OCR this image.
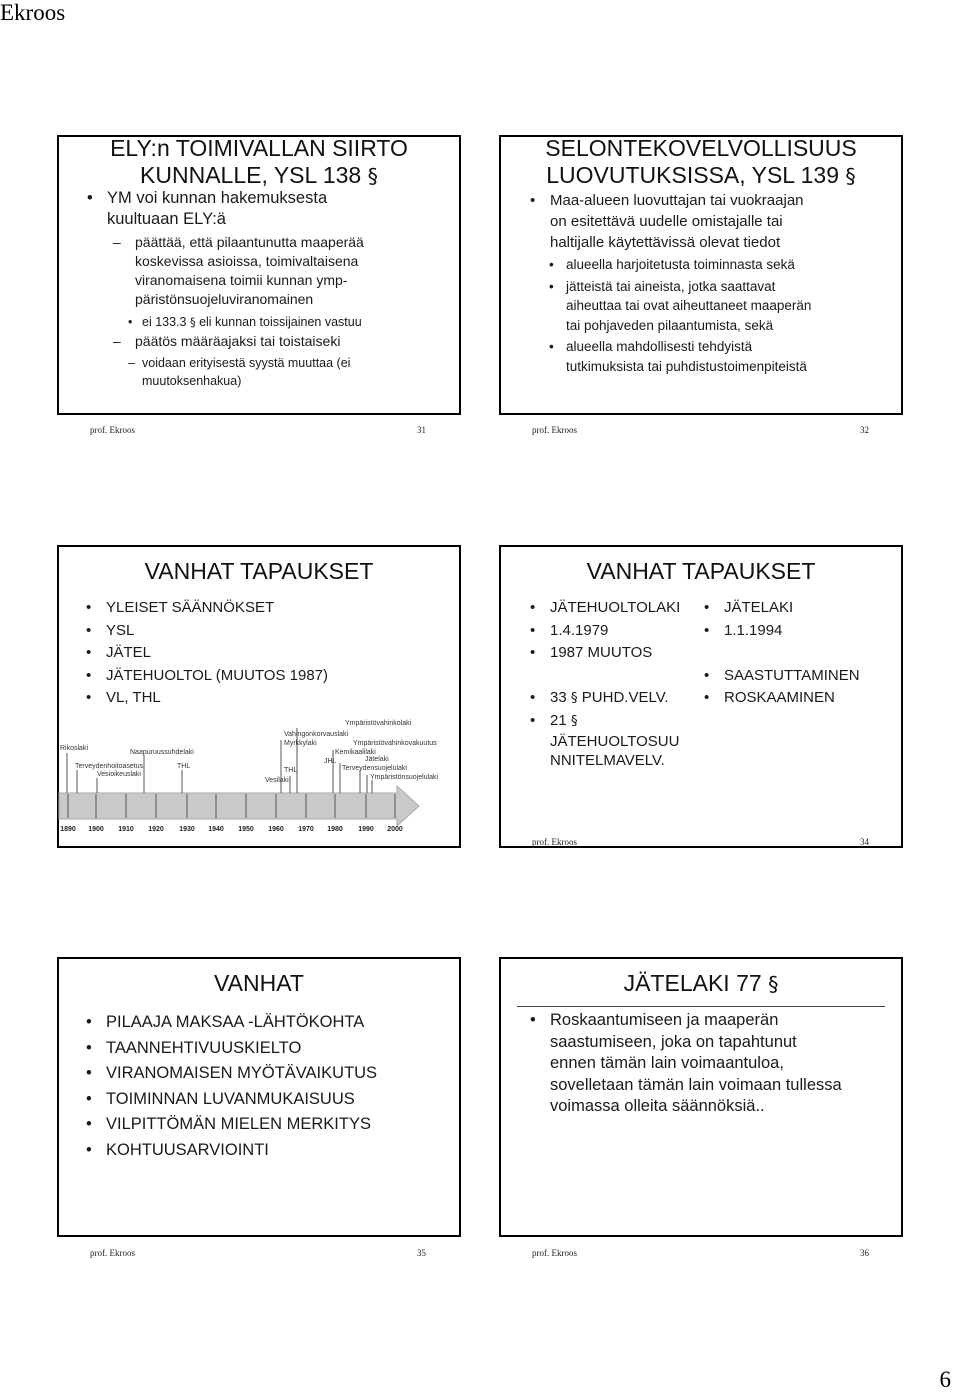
Ekroos
ELY:n TOIMIVALLAN SIIRTO
KUNNALLE, YSL 138 §
• YM voi kunnan hakemuksesta
kuultuaan ELY:ä
– päättää, että pilaantunutta maaperää
koskevissa asioissa, toimivaltaisena
viranomaisena toimii kunnan ymp-
päristönsuojeluviranomainen
• ei 133.3 § eli kunnan toissijainen vastuu
– päätös määräajaksi tai toistaiseki
– voidaan erityisestä syystä muuttaa (ei
muutoksenhakua)
prof. Ekroos	31
SELONTEKOVELVOLLISUUS
LUOVUTUKSISSA, YSL 139 §
• Maa-alueen luovuttajan tai vuokraajan
on esitettävä uudelle omistajalle tai
haltijalle käytettävissä olevat tiedot
• alueella harjoitetusta toiminnasta sekä
• jätteistä tai aineista, jotka saattavat
aiheuttaa tai ovat aiheuttaneet maaperän
tai pohjaveden pilaantumista, sekä
• alueella mahdollisesti tehdyistä
tutkimuksista tai puhdistustoimenpiteistä
prof. Ekroos	32
VANHAT TAPAUKSET
• YLEISET SÄÄNNÖKSET
• YSL
• JÄTEL
• JÄTEHUOLTOL (MUUTOS 1987)
• VL, THL
Rikoslaki
Terveydenhoitoasetus
Vesioikeuslaki
Naapuruussuhdelaki
THL
Vahingonkorvauslaki
Myrkkylaki
THL
Vesilaki
Ympäristövahinkolaki
Kemikaalilaki
JHL
Ympäristövahinkovakuutus
Jätelaki
Terveydensuojelulaki
Ympäristönsuojelulaki
1890 1900 1910 1920 1930 1940 1950 1960 1970 1980 1990 2000
VANHAT TAPAUKSET
• JÄTEHUOLTOLAKI
• 1.4.1979
• 1987 MUUTOS
• 33 § PUHD.VELV.
• 21 §
JÄTEHUOLTOSUU
NNITELMAVELV.
• JÄTELAKI
• 1.1.1994
• SAASTUTTAMINEN
• ROSKAAMINEN
prof. Ekroos	34
VANHAT
• PILAAJA MAKSAA -LÄHTÖKOHTA
• TAANNEHTIVUUSKIELTO
• VIRANOMAISEN MYÖTÄVAIKUTUS
• TOIMINNAN LUVANMUKAISUUS
• VILPITTÖMÄN MIELEN MERKITYS
• KOHTUUSARVIOINTI
prof. Ekroos	35
JÄTELAKI 77 §
• Roskaantumiseen ja maaperän
saastumiseen, joka on tapahtunut
ennen tämän lain voimaantuloa,
sovelletaan tämän lain voimaan tullessa
voimassa olleita säännöksiä..
prof. Ekroos	36
6
